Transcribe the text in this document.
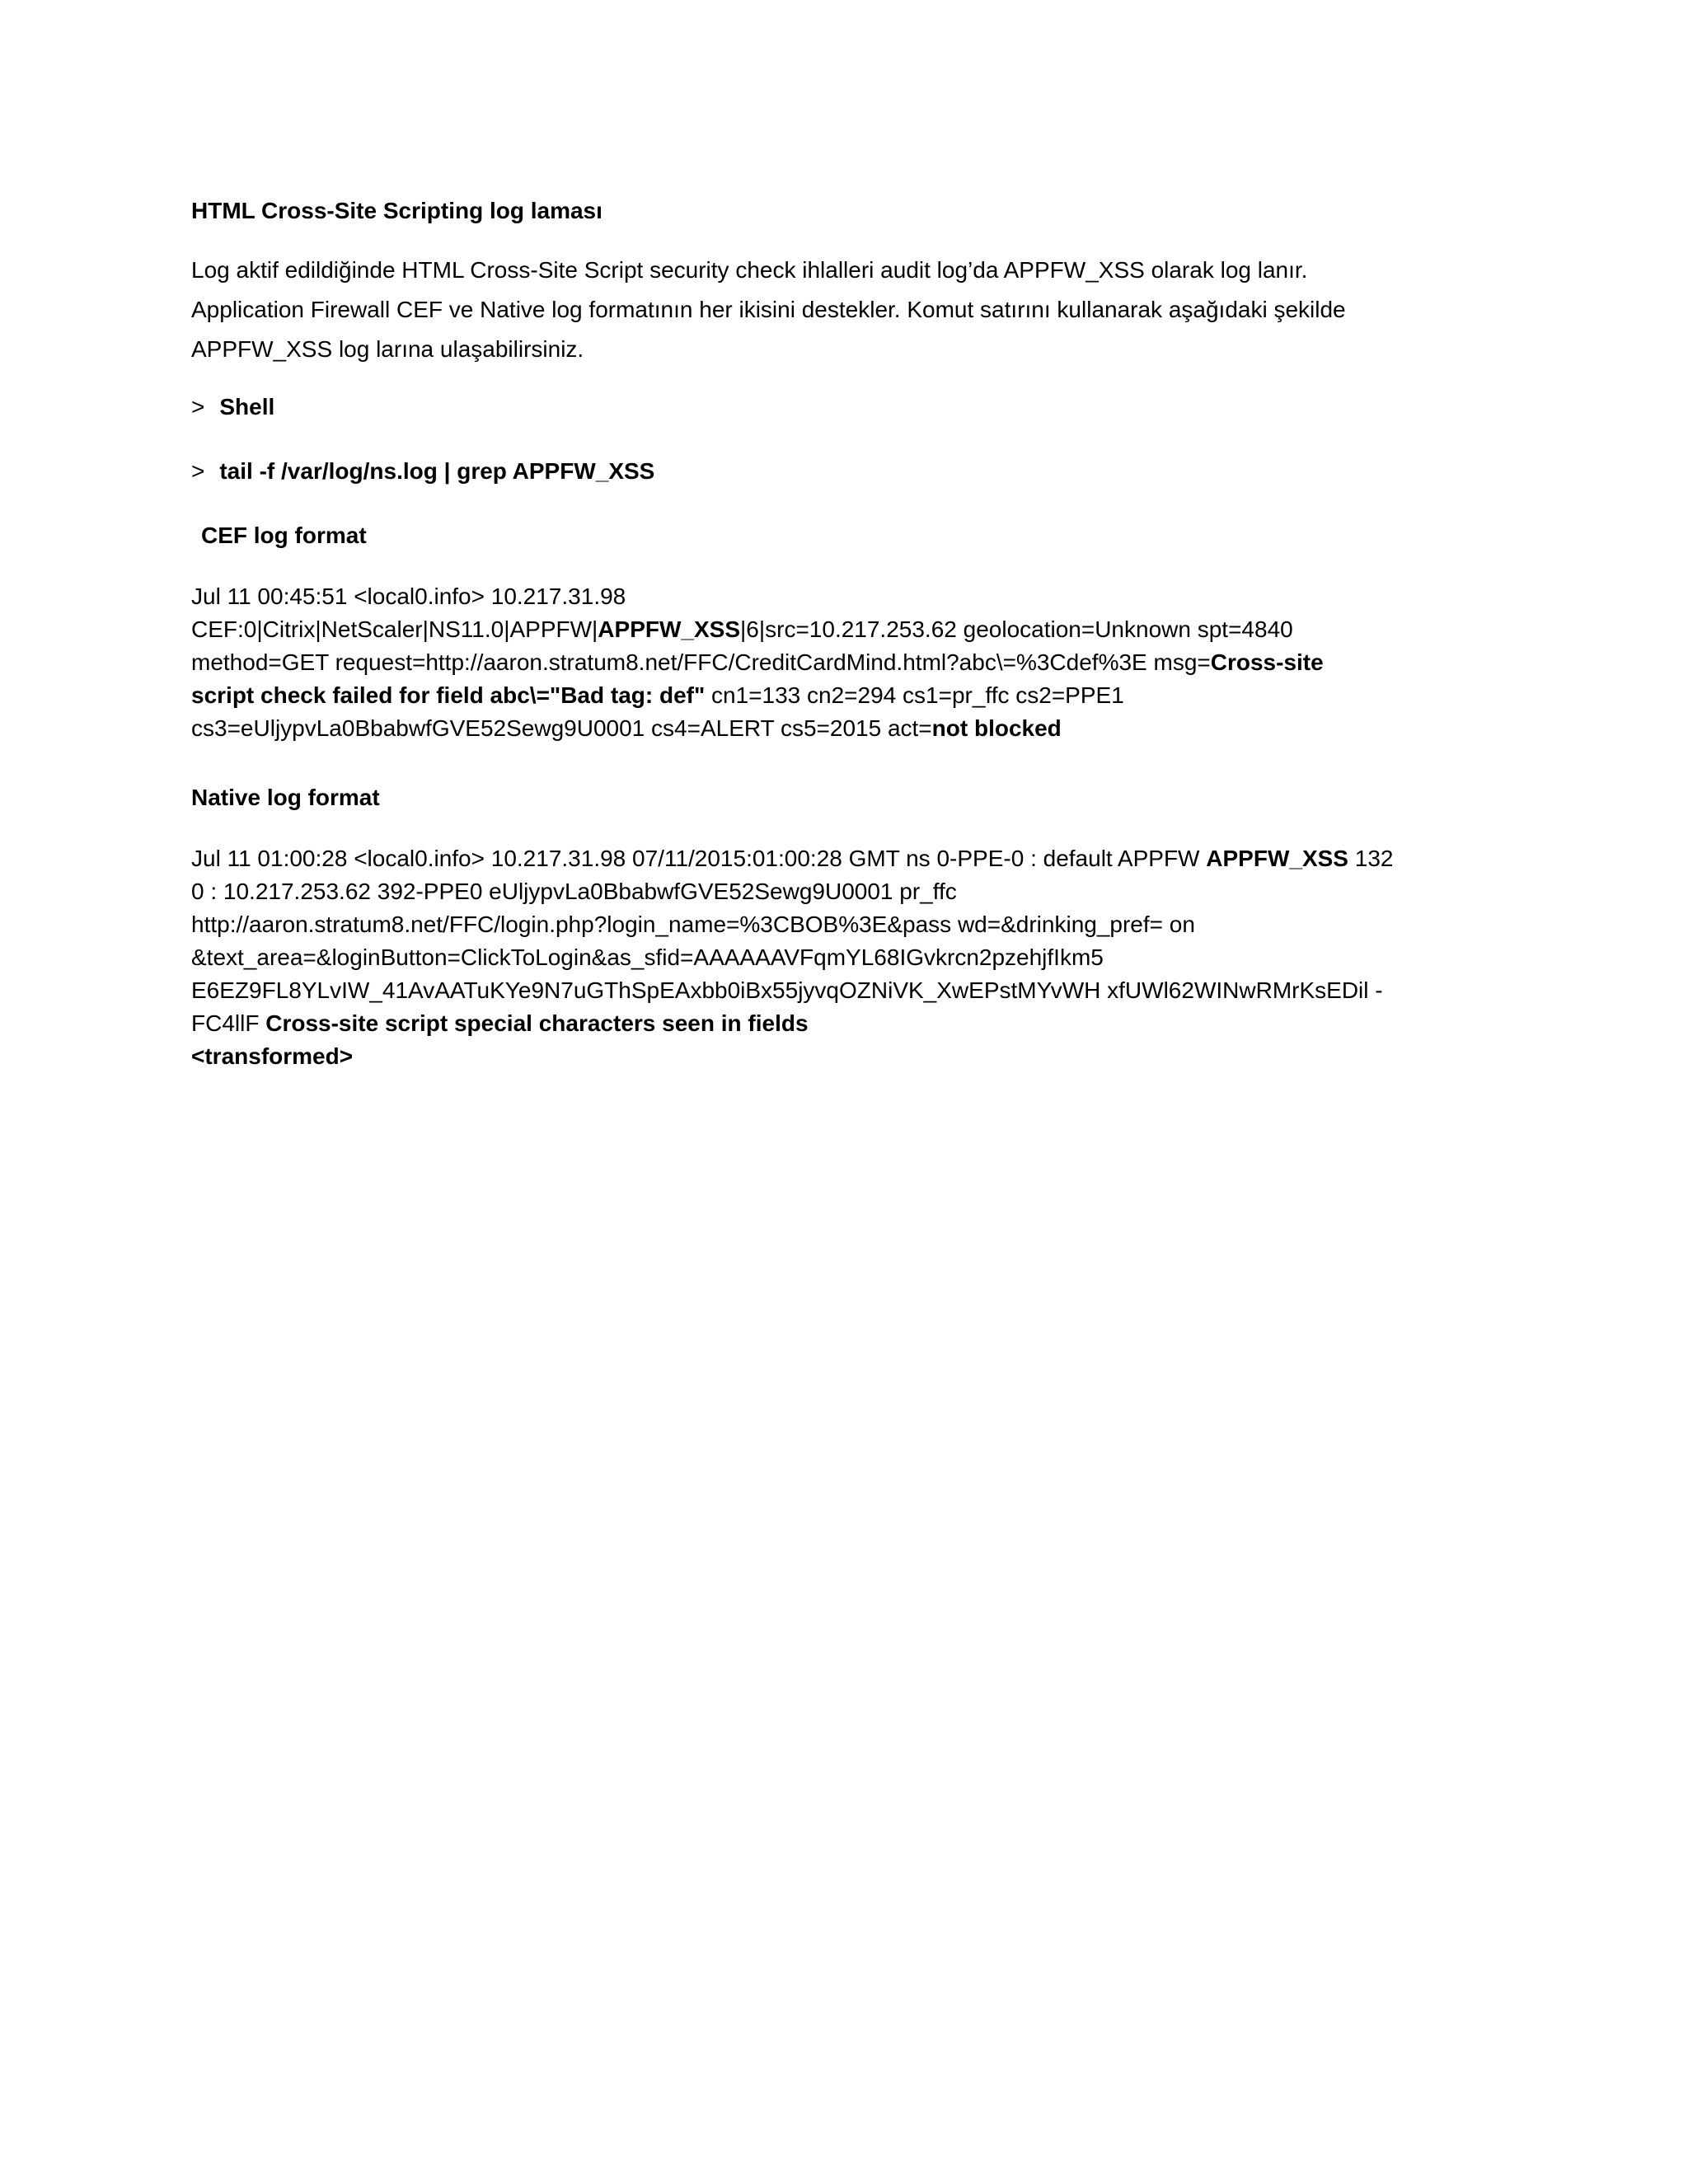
HTML Cross-Site Scripting log laması
Log aktif edildiğinde HTML Cross-Site Script security check ihlalleri audit log’da APPFW_XSS olarak log lanır.
Application Firewall CEF ve Native log formatının her ikisini destekler. Komut satırını kullanarak aşağıdaki şekilde
APPFW_XSS log larına ulaşabilirsiniz.
> Shell
> tail -f /var/log/ns.log | grep APPFW_XSS
CEF log format
Jul 11 00:45:51 <local0.info> 10.217.31.98
CEF:0|Citrix|NetScaler|NS11.0|APPFW|APPFW_XSS|6|src=10.217.253.62 geolocation=Unknown spt=4840
method=GET request=http://aaron.stratum8.net/FFC/CreditCardMind.html?abc\=%3Cdef%3E msg=Cross-site
script check failed for field abc\="Bad tag: def" cn1=133 cn2=294 cs1=pr_ffc cs2=PPE1
cs3=eUljypvLa0BbabwfGVE52Sewg9U0001 cs4=ALERT cs5=2015 act=not blocked
Native log format
Jul 11 01:00:28 <local0.info> 10.217.31.98 07/11/2015:01:00:28 GMT ns 0-PPE-0 : default APPFW APPFW_XSS 132
0 : 10.217.253.62 392-PPE0 eUljypvLa0BbabwfGVE52Sewg9U0001 pr_ffc
http://aaron.stratum8.net/FFC/login.php?login_name=%3CBOB%3E&pass wd=&drinking_pref= on
&text_area=&loginButton=ClickToLogin&as_sfid=AAAAAAVFqmYL68IGvkrcn2pzehjfIkm5
E6EZ9FL8YLvIW_41AvAATuKYe9N7uGThSpEAxbb0iBx55jyvqOZNiVK_XwEPstMYvWH xfUWl62WINwRMrKsEDil -
FC4llF Cross-site script special characters seen in fields
<transformed>
